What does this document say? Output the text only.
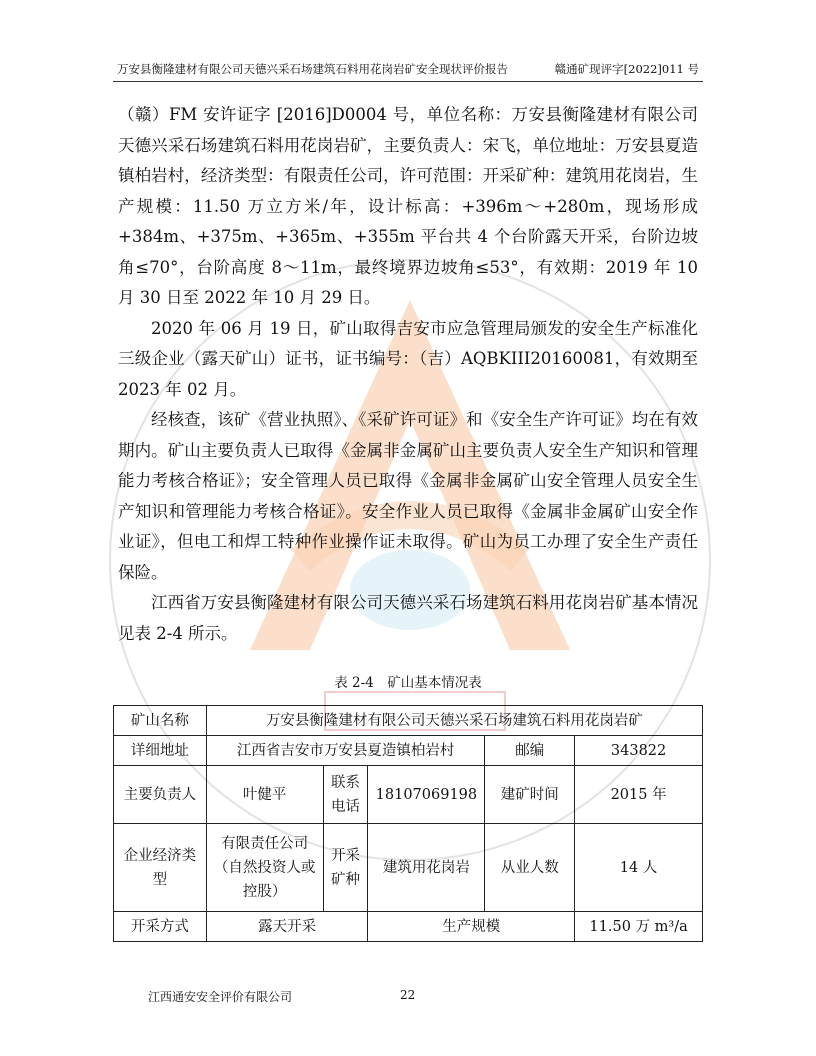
万安县衡隆建材有限公司天德兴采石场建筑石料用花岗岩矿安全现状评价报告	赣通矿现评字[2022]011 号

（赣）FM 安许证字 [2016]D0004 号，单位名称：万安县衡隆建材有限公司天德兴采石场建筑石料用花岗岩矿，主要负责人：宋飞，单位地址：万安县夏造镇柏岩村，经济类型：有限责任公司，许可范围：开采矿种：建筑用花岗岩，生产规模：11.50 万立方米/年，设计标高：+396m～+280m，现场形成+384m、+375m、+365m、+355m 平台共 4 个台阶露天开采，台阶边坡角≤70°，台阶高度 8～11m，最终境界边坡角≤53°，有效期：2019 年 10 月 30 日至 2022 年 10 月 29 日。

2020 年 06 月 19 日，矿山取得吉安市应急管理局颁发的安全生产标准化三级企业（露天矿山）证书，证书编号：（吉）AQBKIII20160081，有效期至 2023 年 02 月。

经核查，该矿《营业执照》、《采矿许可证》和《安全生产许可证》均在有效期内。矿山主要负责人已取得《金属非金属矿山主要负责人安全生产知识和管理能力考核合格证》；安全管理人员已取得《金属非金属矿山安全管理人员安全生产知识和管理能力考核合格证》。安全作业人员已取得《金属非金属矿山安全作业证》，但电工和焊工特种作业操作证未取得。矿山为员工办理了安全生产责任保险。

江西省万安县衡隆建材有限公司天德兴采石场建筑石料用花岗岩矿基本情况见表 2-4 所示。

表 2-4　矿山基本情况表
矿山名称	万安县衡隆建材有限公司天德兴采石场建筑石料用花岗岩矿				
详细地址	江西省吉安市万安县夏造镇柏岩村			邮编	343822
主要负责人	叶健平	联系电话	18107069198	建矿时间	2015 年
企业经济类型	有限责任公司（自然投资人或控股）	开采矿种	建筑用花岗岩	从业人数	14 人
开采方式	露天开采		生产规模		11.50 万 m³/a
江西通安安全评价有限公司	22
